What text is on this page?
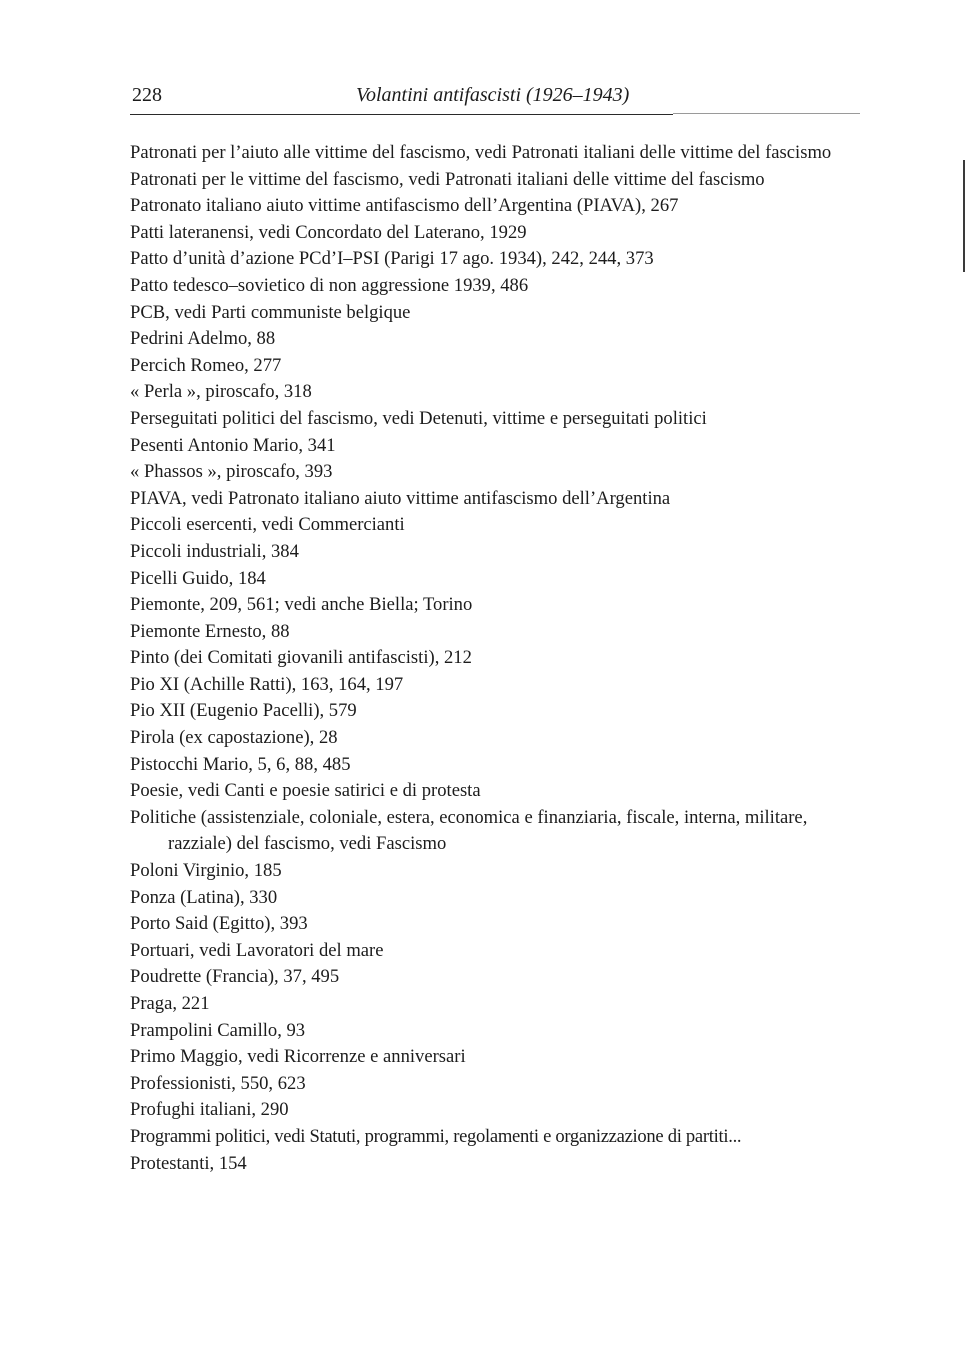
228	Volantini antifascisti (1926–1943)
Patronati per l’aiuto alle vittime del fascismo, vedi Patronati italiani delle vittime del fascismo
Patronati per le vittime del fascismo, vedi Patronati italiani delle vittime del fascismo
Patronato italiano aiuto vittime antifascismo dell’Argentina (PIAVA), 267
Patti lateranensi, vedi Concordato del Laterano, 1929
Patto d’unità d’azione PCd’I–PSI (Parigi 17 ago. 1934), 242, 244, 373
Patto tedesco–sovietico di non aggressione 1939, 486
PCB, vedi Parti communiste belgique
Pedrini Adelmo, 88
Percich Romeo, 277
« Perla », piroscafo, 318
Perseguitati politici del fascismo, vedi Detenuti, vittime e perseguitati politici
Pesenti Antonio Mario, 341
« Phassos », piroscafo, 393
PIAVA, vedi Patronato italiano aiuto vittime antifascismo dell’Argentina
Piccoli esercenti, vedi Commercianti
Piccoli industriali, 384
Picelli Guido, 184
Piemonte, 209, 561; vedi anche Biella; Torino
Piemonte Ernesto, 88
Pinto (dei Comitati giovanili antifascisti), 212
Pio XI (Achille Ratti), 163, 164, 197
Pio XII (Eugenio Pacelli), 579
Pirola (ex capostazione), 28
Pistocchi Mario, 5, 6, 88, 485
Poesie, vedi Canti e poesie satirici e di protesta
Politiche (assistenziale, coloniale, estera, economica e finanziaria, fiscale, interna, militare, razziale) del fascismo, vedi Fascismo
Poloni Virginio, 185
Ponza (Latina), 330
Porto Said (Egitto), 393
Portuari, vedi Lavoratori del mare
Poudrette (Francia), 37, 495
Praga, 221
Prampolini Camillo, 93
Primo Maggio, vedi Ricorrenze e anniversari
Professionisti, 550, 623
Profughi italiani, 290
Programmi politici, vedi Statuti, programmi, regolamenti e organizzazione di partiti...
Protestanti, 154
